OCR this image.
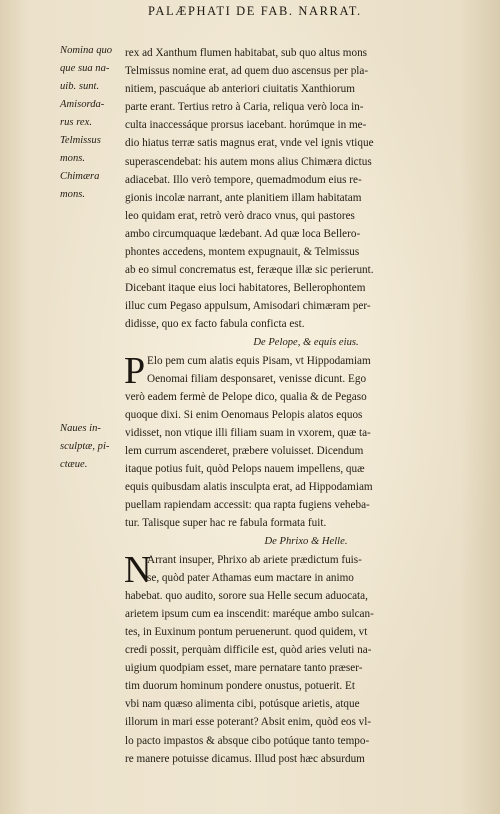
PALÆPHATI DE FAB. NARRAT.
Nomina quo
que sua na-
uib. sunt.
Amisorda-
rus rex.
Telmissus
mons.
Chimæra
mons.
Naues in-
sculptæ, pi-
ctæue.
rex ad Xanthum flumen habitabat, sub quo altus mons
Telmissus nomine erat, ad quem duo ascensus per pla-
nitiem, pascuáque ab anteriori ciuitatis Xanthiorum
parte erant. Tertius retro à Caria, reliqua verò loca in-
culta inaccessáque prorsus iacebant. horúmque in me-
dio hiatus terræ satis magnus erat, vnde vel ignis vtique
superascendebat: his autem mons alius Chimæra dictus
adiacebat. Illo verò tempore, quemadmodum eius re-
gionis incolæ narrant, ante planitiem illam habitatam
leo quidam erat, retrò verò draco vnus, qui pastores
ambo circumquaque lædebant. Ad quæ loca Bellero-
phontes accedens, montem expugnauit, & Telmissus
ab eo simul concrematus est, feræque illæ sic perierunt.
Dicebant itaque eius loci habitatores, Bellerophontem
illuc cum Pegaso appulsum, Amisodari chimæram per-
didisse, quo ex facto fabula conficta est.
De Pelope, & equis eius.
P Elo pem cum alatis equis Pisam, vt Hippodamiam
Oenomai filiam desponsaret, venisse dicunt. Ego
verò eadem fermè de Pelope dico, qualia & de Pegaso
quoque dixi. Si enim Oenomaus Pelopis alatos equos
vidisset, non vtique illi filiam suam in vxorem, quæ ta-
lem currum ascenderet, præbere voluisset. Dicendum
itaque potius fuit, quòd Pelops nauem impellens, quæ
equis quibusdam alatis insculpta erat, ad Hippodamiam
puellam rapiendam accessit: qua rapta fugiens veheba-
tur. Talisque super hac re fabula formata fuit.
De Phrixo & Helle.
N
Arrant insuper, Phrixo ab ariete prædictum fuis-
se, quòd pater Athamas eum mactare in animo
habebat. quo audito, sorore sua Helle secum aduocata,
arietem ipsum cum ea inscendit: maréque ambo sulcan-
tes, in Euxinum pontum peruenerunt. quod quidem, vt
credi possit, perquàm difficile est, quòd aries veluti na-
uigium quodpiam esset, mare pernatare tanto præser-
tim duorum hominum pondere onustus, potuerit. Et
vbi nam quæso alimenta cibi, potúsque arietis, atque
illorum in mari esse poterant? Absit enim, quòd eos vl-
lo pacto impastos & absque cibo potúque tanto tempo-
re manere potuisse dicamus. Illud post hæc absurdum
